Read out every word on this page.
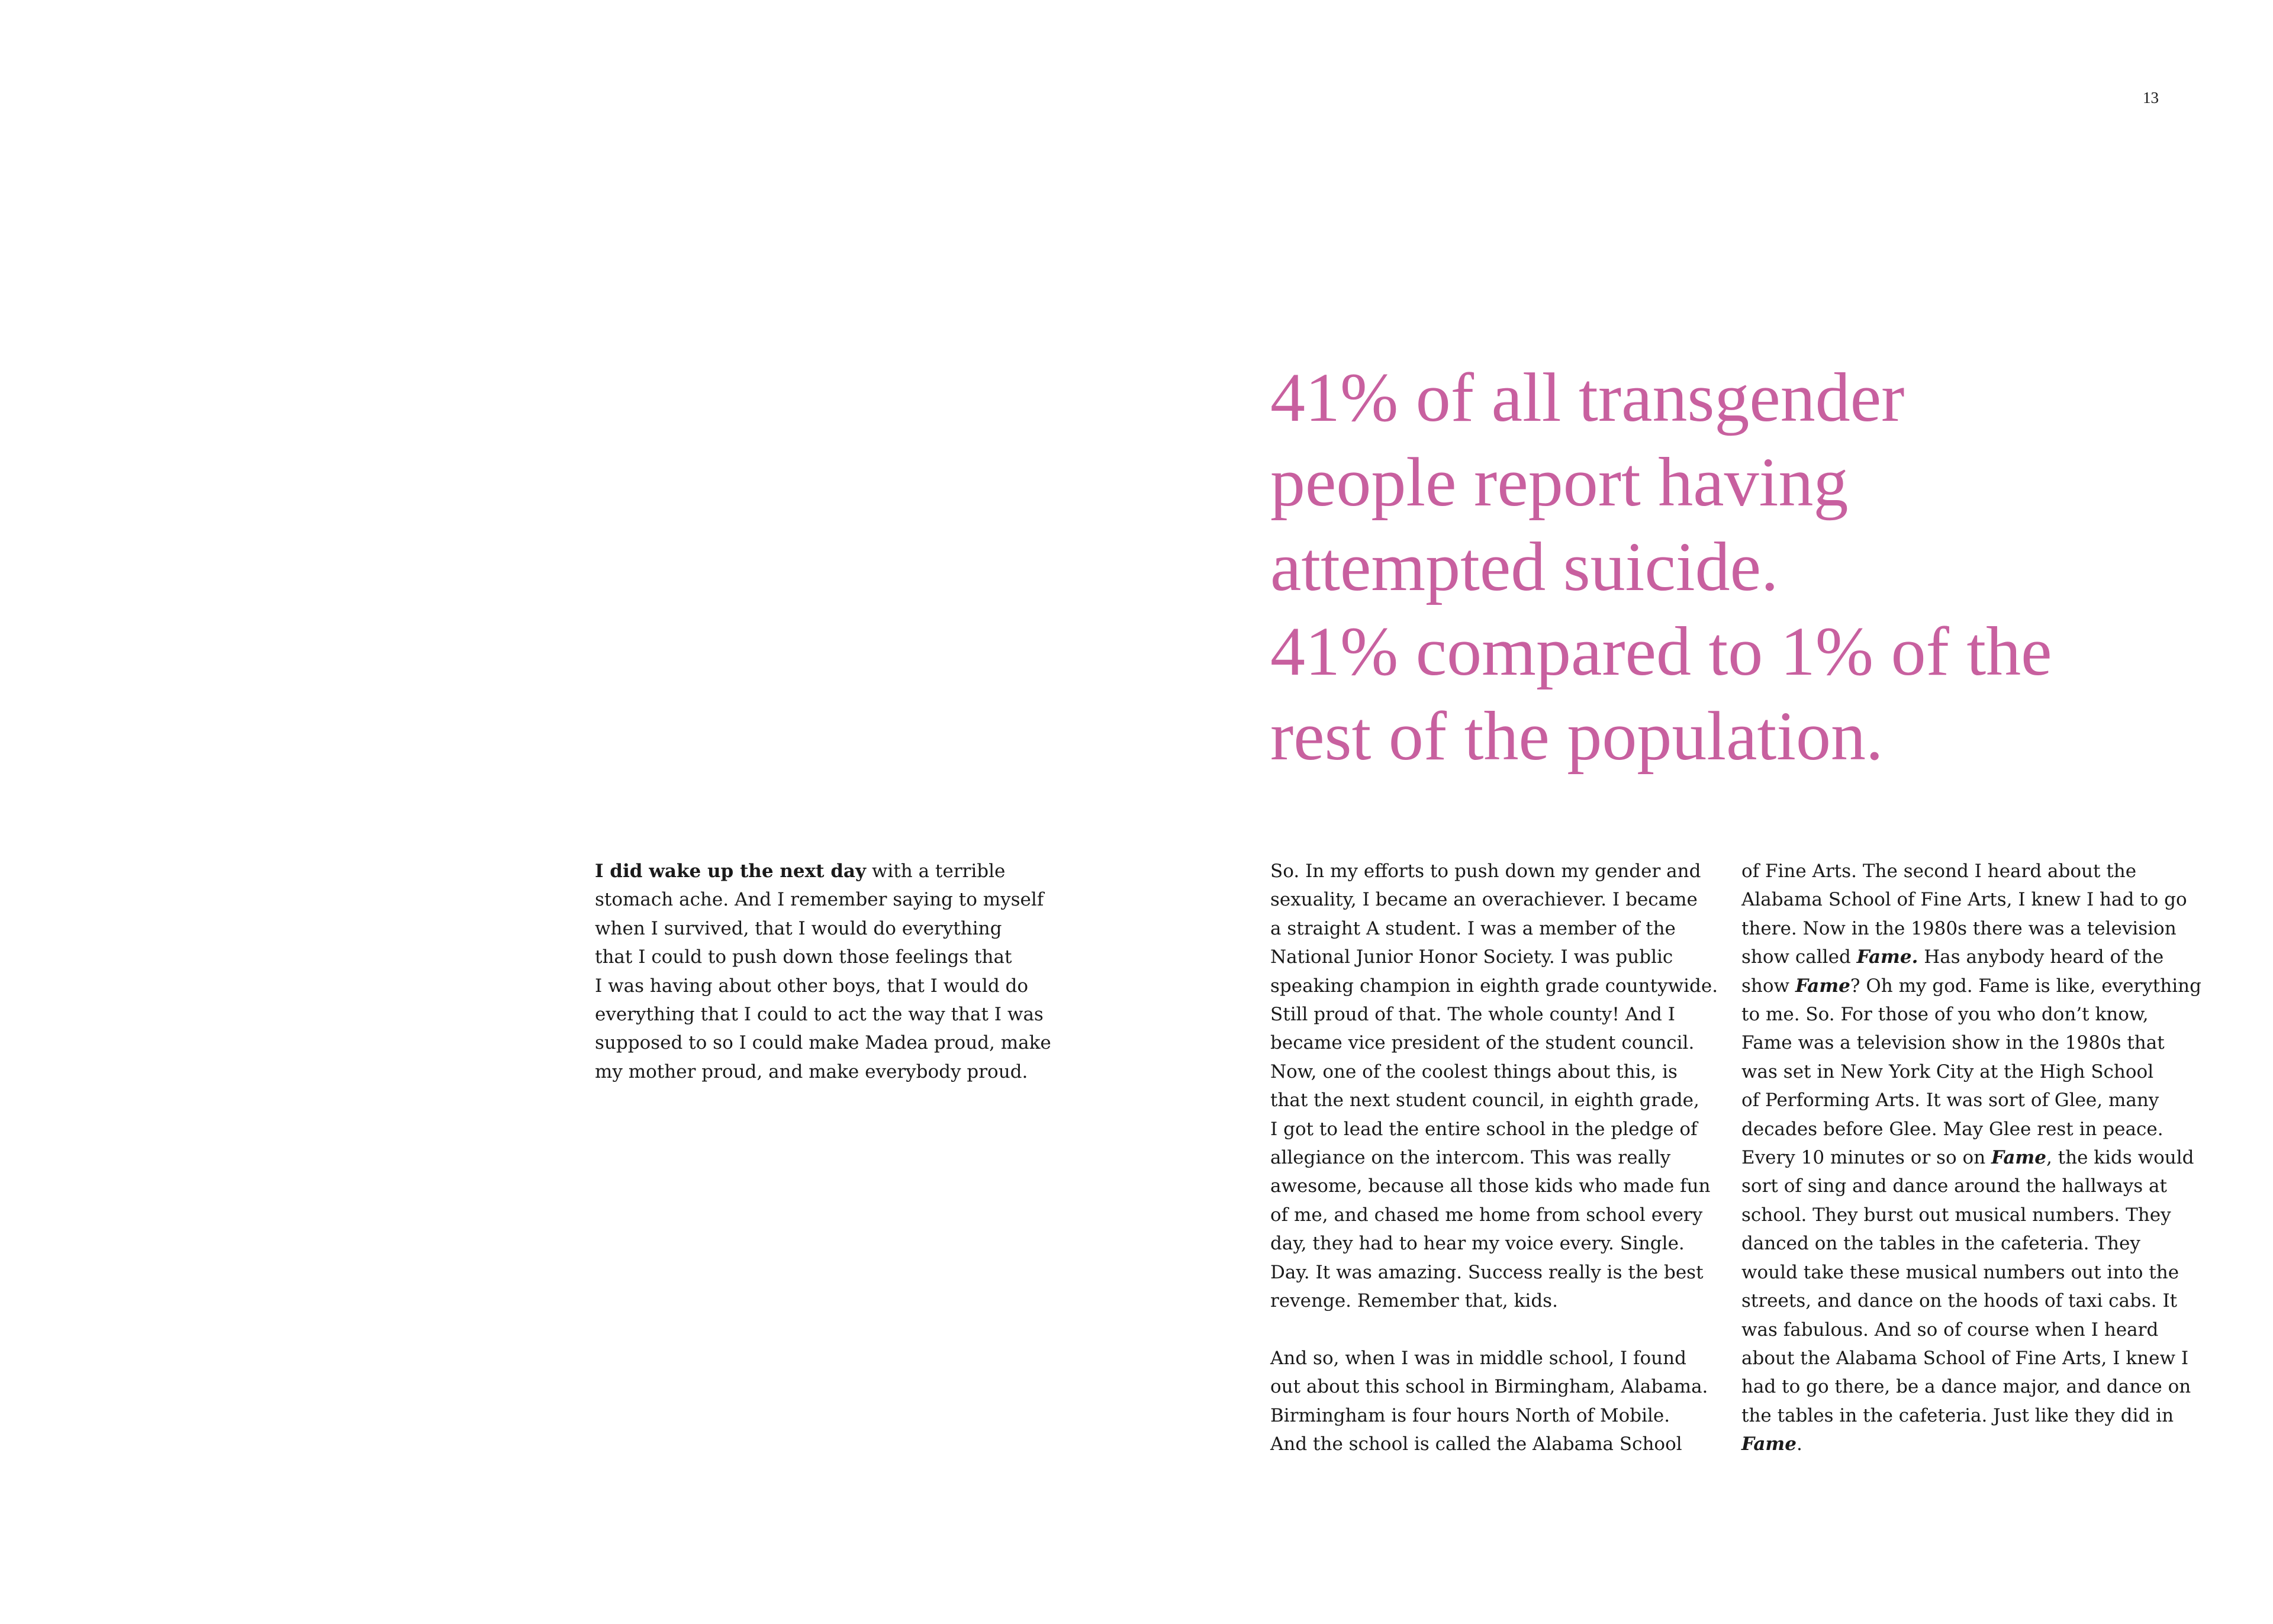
13
41% of all transgender
people report having
attempted suicide.
41% compared to 1% of the
rest of the population.
I did wake up the next day with a terrible
stomach ache. And I remember saying to myself
when I survived, that I would do everything
that I could to push down those feelings that
I was having about other boys, that I would do
everything that I could to act the way that I was
supposed to so I could make Madea proud, make
my mother proud, and make everybody proud.
So. In my efforts to push down my gender and
sexuality, I became an overachiever. I became
a straight A student. I was a member of the
National Junior Honor Society. I was public
speaking champion in eighth grade countywide.
Still proud of that. The whole county! And I
became vice president of the student council.
Now, one of the coolest things about this, is
that the next student council, in eighth grade,
I got to lead the entire school in the pledge of
allegiance on the intercom. This was really
awesome, because all those kids who made fun
of me, and chased me home from school every
day, they had to hear my voice every. Single.
Day. It was amazing. Success really is the best
revenge. Remember that, kids.
And so, when I was in middle school, I found
out about this school in Birmingham, Alabama.
Birmingham is four hours North of Mobile.
And the school is called the Alabama School
of Fine Arts. The second I heard about the
Alabama School of Fine Arts, I knew I had to go
there. Now in the 1980s there was a television
show called Fame. Has anybody heard of the
show Fame? Oh my god. Fame is like, everything
to me. So. For those of you who don’t know,
Fame was a television show in the 1980s that
was set in New York City at the High School
of Performing Arts. It was sort of Glee, many
decades before Glee. May Glee rest in peace.
Every 10 minutes or so on Fame, the kids would
sort of sing and dance around the hallways at
school. They burst out musical numbers. They
danced on the tables in the cafeteria. They
would take these musical numbers out into the
streets, and dance on the hoods of taxi cabs. It
was fabulous. And so of course when I heard
about the Alabama School of Fine Arts, I knew I
had to go there, be a dance major, and dance on
the tables in the cafeteria. Just like they did in
Fame.
